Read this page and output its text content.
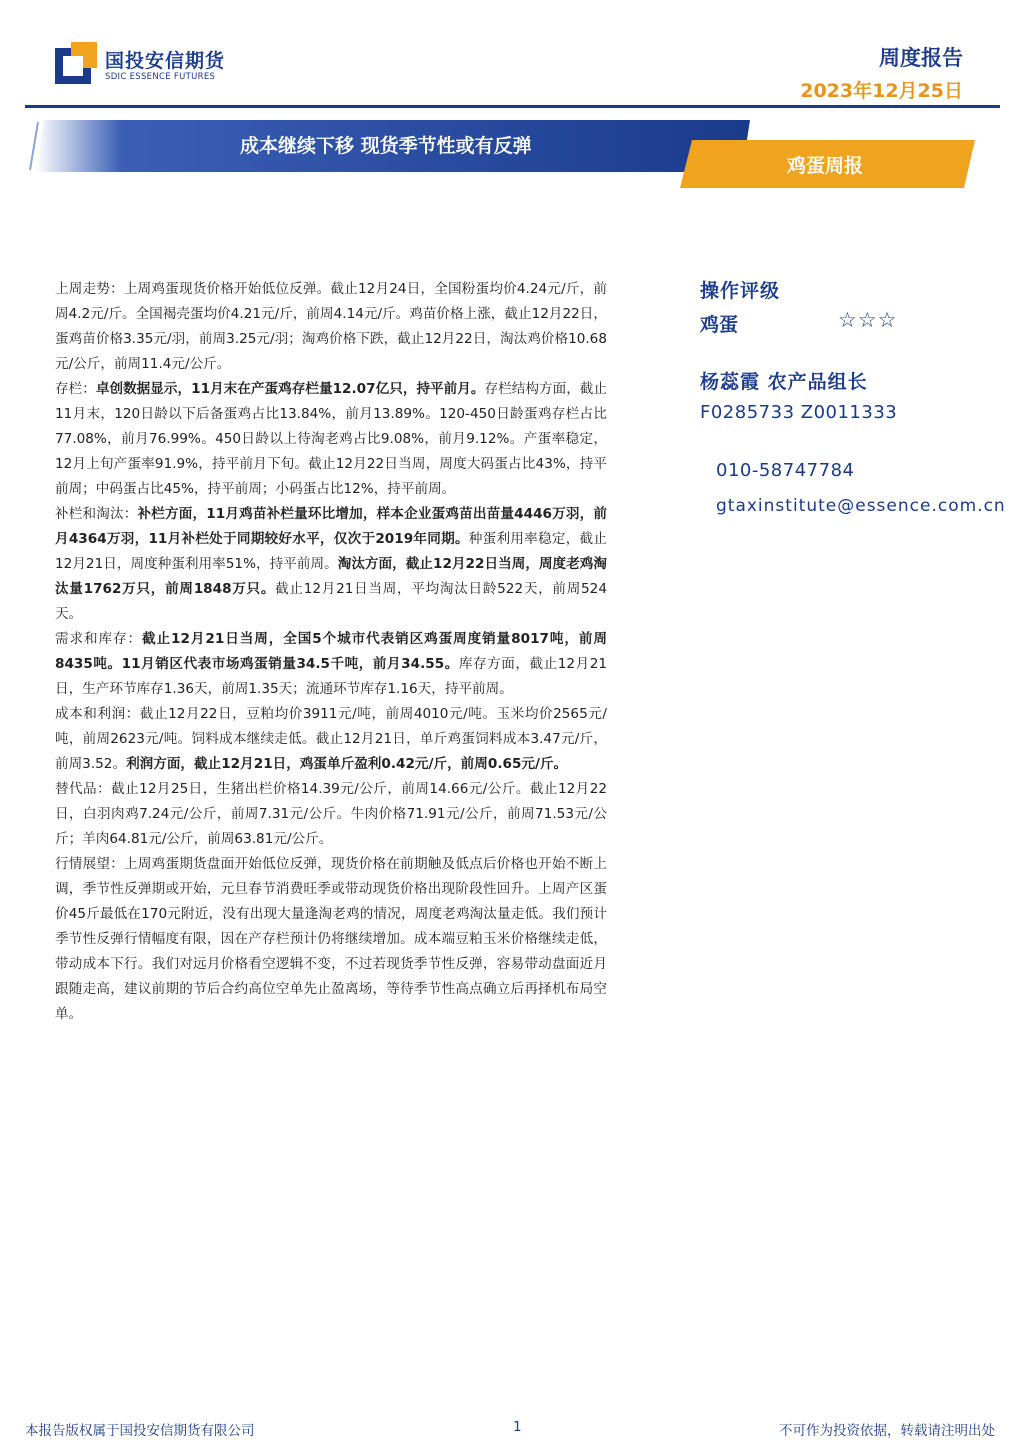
国投安信期货
SDIC ESSENCE FUTURES
周度报告
2023年12月25日
成本继续下移 现货季节性或有反弹
鸡蛋周报

上周走势：上周鸡蛋现货价格开始低位反弹。截止12月24日，全国粉蛋均价4.24元/斤，前周4.2元/斤。全国褐壳蛋均价4.21元/斤，前周4.14元/斤。鸡苗价格上涨，截止12月22日，蛋鸡苗价格3.35元/羽，前周3.25元/羽；淘鸡价格下跌，截止12月22日，淘汰鸡价格10.68元/公斤，前周11.4元/公斤。

存栏：卓创数据显示，11月末在产蛋鸡存栏量12.07亿只，持平前月。存栏结构方面，截止11月末，120日龄以下后备蛋鸡占比13.84%，前月13.89%。120-450日龄蛋鸡存栏占比77.08%，前月76.99%。450日龄以上待淘老鸡占比9.08%，前月9.12%。产蛋率稳定，12月上旬产蛋率91.9%，持平前月下旬。截止12月22日当周，周度大码蛋占比43%，持平前周；中码蛋占比45%，持平前周；小码蛋占比12%，持平前周。

补栏和淘汰：补栏方面，11月鸡苗补栏量环比增加，样本企业蛋鸡苗出苗量4446万羽，前月4364万羽，11月补栏处于同期较好水平，仅次于2019年同期。种蛋利用率稳定，截止12月21日，周度种蛋利用率51%，持平前周。淘汰方面，截止12月22日当周，周度老鸡淘汰量1762万只，前周1848万只。截止12月21日当周，平均淘汰日龄522天，前周524天。

需求和库存：截止12月21日当周，全国5个城市代表销区鸡蛋周度销量8017吨，前周8435吨。11月销区代表市场鸡蛋销量34.5千吨，前月34.55。库存方面，截止12月21日，生产环节库存1.36天，前周1.35天；流通环节库存1.16天，持平前周。

成本和利润：截止12月22日，豆粕均价3911元/吨，前周4010元/吨。玉米均价2565元/吨，前周2623元/吨。饲料成本继续走低。截止12月21日，单斤鸡蛋饲料成本3.47元/斤，前周3.52。利润方面，截止12月21日，鸡蛋单斤盈利0.42元/斤，前周0.65元/斤。

替代品：截止12月25日，生猪出栏价格14.39元/公斤，前周14.66元/公斤。截止12月22日，白羽肉鸡7.24元/公斤，前周7.31元/公斤。牛肉价格71.91元/公斤，前周71.53元/公斤；羊肉64.81元/公斤，前周63.81元/公斤。

行情展望：上周鸡蛋期货盘面开始低位反弹，现货价格在前期触及低点后价格也开始不断上调，季节性反弹期或开始，元旦春节消费旺季或带动现货价格出现阶段性回升。上周产区蛋价45斤最低在170元附近，没有出现大量逢淘老鸡的情况，周度老鸡淘汰量走低。我们预计季节性反弹行情幅度有限，因在产存栏预计仍将继续增加。成本端豆粕玉米价格继续走低，带动成本下行。我们对远月价格看空逻辑不变，不过若现货季节性反弹，容易带动盘面近月跟随走高，建议前期的节后合约高位空单先止盈离场，等待季节性高点确立后再择机布局空单。

操作评级
鸡蛋	☆☆☆
杨蕊霞 农产品组长
F0285733 Z0011333
010-58747784
gtaxinstitute@essence.com.cn
本报告版权属于国投安信期货有限公司	1	不可作为投资依据，转载请注明出处
